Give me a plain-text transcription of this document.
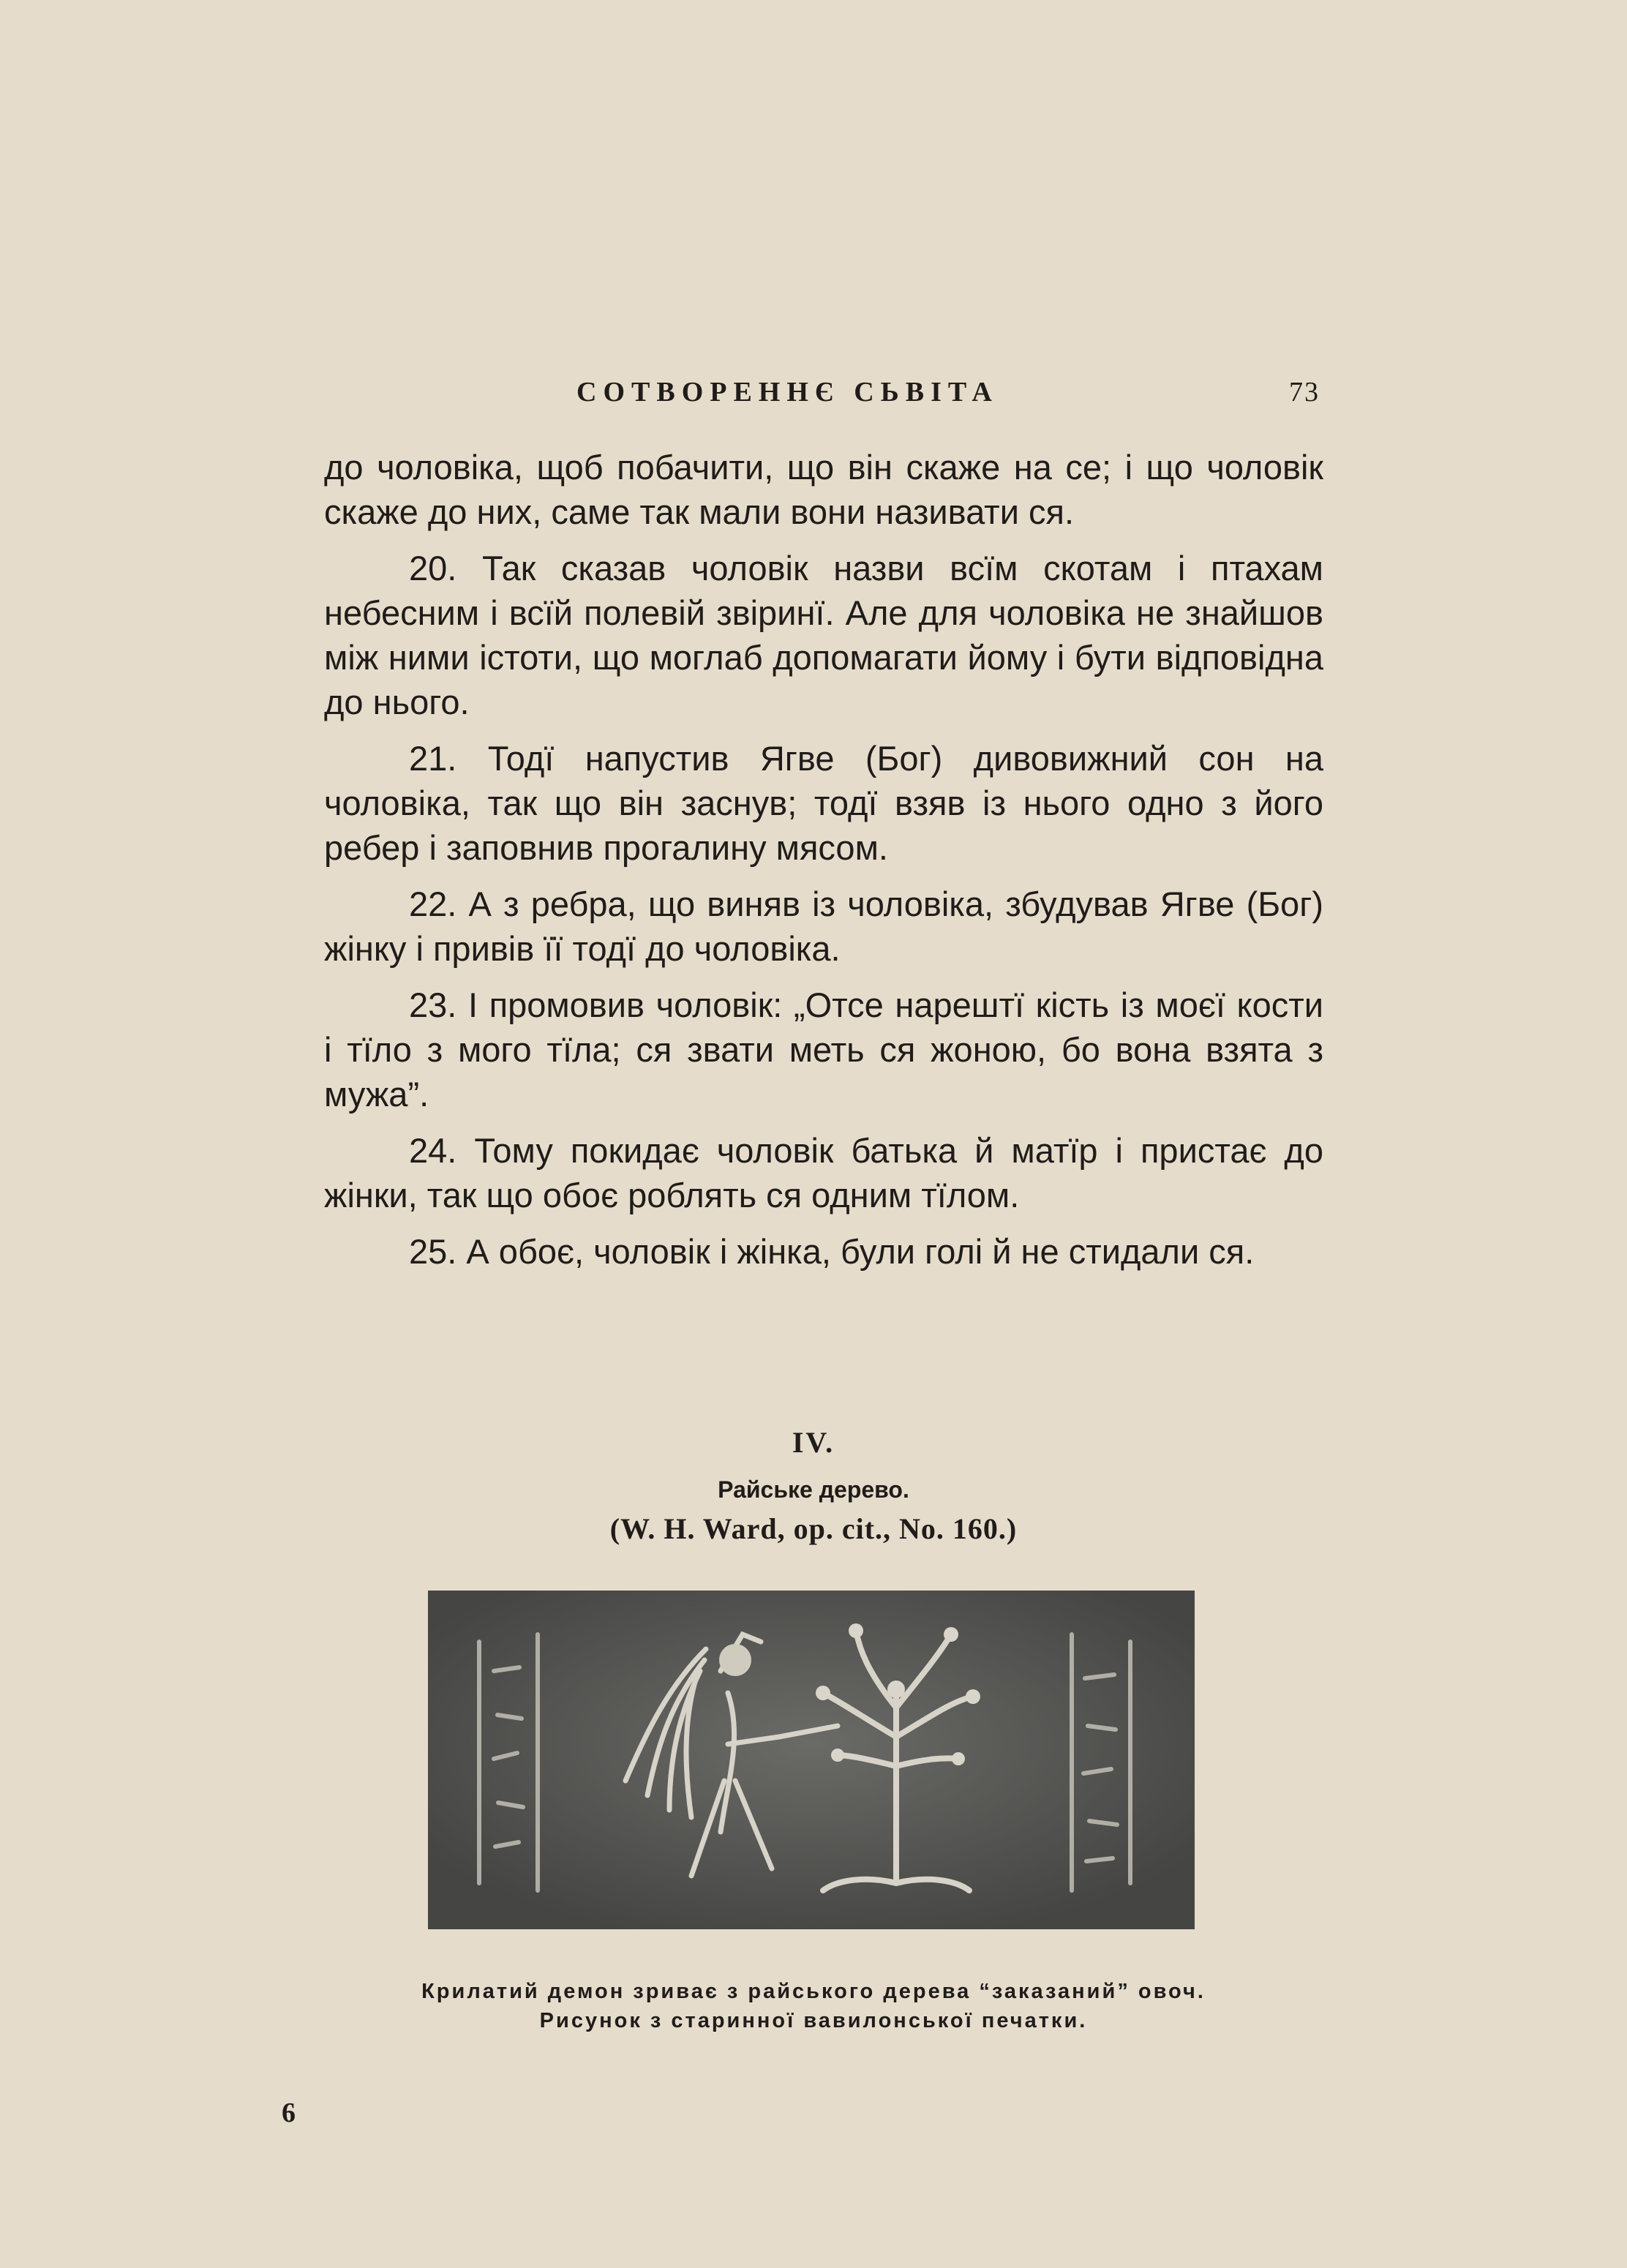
СОТВОРЕННЄ СЬВІТА	73

до чоловіка, щоб побачити, що він скаже на се; і що чоловік скаже до них, саме так мали вони називати ся.

20. Так сказав чоловік назви всїм скотам і птахам небесним і всїй полевій звіринї. Але для чоловіка не знайшов між ними істоти, що моглаб допомагати йому і бути відповідна до нього.

21. Тодї напустив Ягве (Бог) дивовижний сон на чоловіка, так що він заснув; тодї взяв із нього одно з його ребер і заповнив прогалину мясом.

22. А з ребра, що виняв із чоловіка, збудував Ягве (Бог) жінку і привів її тодї до чоловіка.

23. І промовив чоловік: „Отсе нарештї кість із моєї кости і тїло з мого тїла; ся звати меть ся жоною, бо вона взята з мужа”.

24. Тому покидає чоловік батька й матїр і пристає до жінки, так що обоє роблять ся одним тїлом.

25. А обоє, чоловік і жінка, були голі й не стидали ся.

IV.
Райське дерево.
(W. H. Ward, op. cit., No. 160.)
Крилатий демон зриває з райського дерева “заказаний” овоч.
Рисунок з старинної вавилонської печатки.
6
